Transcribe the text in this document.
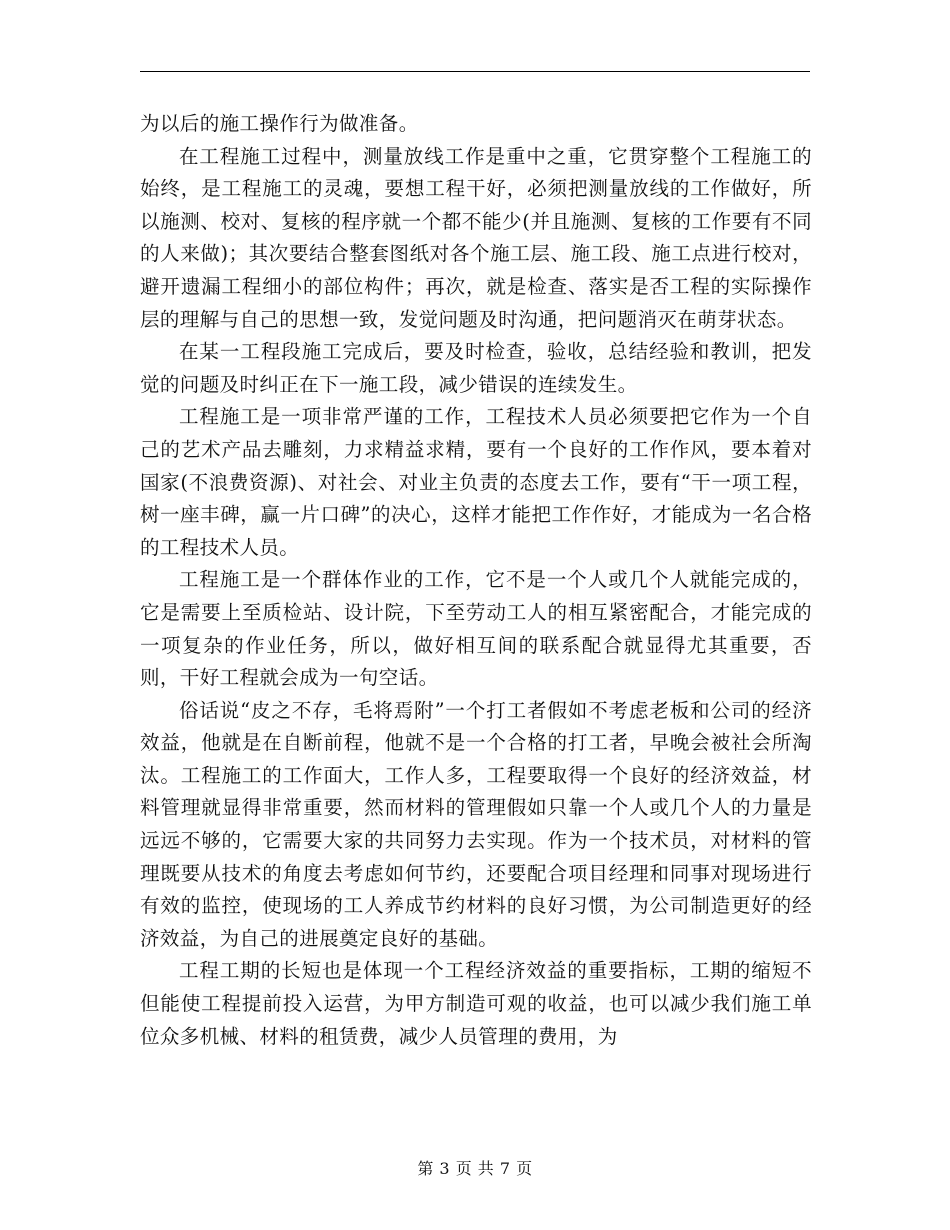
为以后的施工操作行为做准备。

在工程施工过程中，测量放线工作是重中之重，它贯穿整个工程施工的始终，是工程施工的灵魂，要想工程干好，必须把测量放线的工作做好，所以施测、校对、复核的程序就一个都不能少(并且施测、复核的工作要有不同的人来做)；其次要结合整套图纸对各个施工层、施工段、施工点进行校对，避开遗漏工程细小的部位构件；再次，就是检查、落实是否工程的实际操作层的理解与自己的思想一致，发觉问题及时沟通，把问题消灭在萌芽状态。

在某一工程段施工完成后，要及时检查，验收，总结经验和教训，把发觉的问题及时纠正在下一施工段，减少错误的连续发生。

工程施工是一项非常严谨的工作，工程技术人员必须要把它作为一个自己的艺术产品去雕刻，力求精益求精，要有一个良好的工作作风，要本着对国家(不浪费资源)、对社会、对业主负责的态度去工作，要有“干一项工程，树一座丰碑，赢一片口碑”的决心，这样才能把工作作好，才能成为一名合格的工程技术人员。

工程施工是一个群体作业的工作，它不是一个人或几个人就能完成的，它是需要上至质检站、设计院，下至劳动工人的相互紧密配合，才能完成的一项复杂的作业任务，所以，做好相互间的联系配合就显得尤其重要，否则，干好工程就会成为一句空话。

俗话说“皮之不存，毛将焉附”一个打工者假如不考虑老板和公司的经济效益，他就是在自断前程，他就不是一个合格的打工者，早晚会被社会所淘汰。工程施工的工作面大，工作人多，工程要取得一个良好的经济效益，材料管理就显得非常重要，然而材料的管理假如只靠一个人或几个人的力量是远远不够的，它需要大家的共同努力去实现。作为一个技术员，对材料的管理既要从技术的角度去考虑如何节约，还要配合项目经理和同事对现场进行有效的监控，使现场的工人养成节约材料的良好习惯，为公司制造更好的经济效益，为自己的进展奠定良好的基础。

工程工期的长短也是体现一个工程经济效益的重要指标，工期的缩短不但能使工程提前投入运营，为甲方制造可观的收益，也可以减少我们施工单位众多机械、材料的租赁费，减少人员管理的费用，为

第 3 页 共 7 页
